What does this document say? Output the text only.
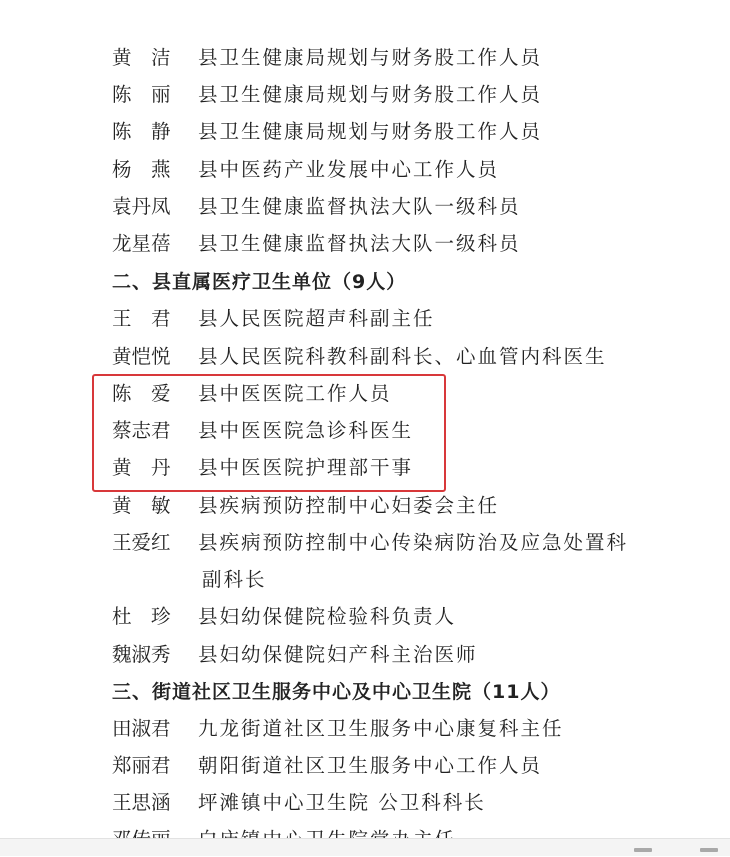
黄　洁 县卫生健康局规划与财务股工作人员
陈　丽 县卫生健康局规划与财务股工作人员
陈　静 县卫生健康局规划与财务股工作人员
杨　燕 县中医药产业发展中心工作人员
袁丹凤 县卫生健康监督执法大队一级科员
龙星蓓 县卫生健康监督执法大队一级科员
二、县直属医疗卫生单位（9人）
王　君 县人民医院超声科副主任
黄恺悦 县人民医院科教科副科长、心血管内科医生
陈　爱 县中医医院工作人员
蔡志君 县中医医院急诊科医生
黄　丹 县中医医院护理部干事
黄　敏 县疾病预防控制中心妇委会主任
王爱红 县疾病预防控制中心传染病防治及应急处置科
副科长
杜　珍 县妇幼保健院检验科负责人
魏淑秀 县妇幼保健院妇产科主治医师
三、街道社区卫生服务中心及中心卫生院（11人）
田淑君 九龙街道社区卫生服务中心康复科主任
郑丽君 朝阳街道社区卫生服务中心工作人员
王思涵 坪滩镇中心卫生院 公卫科科长
